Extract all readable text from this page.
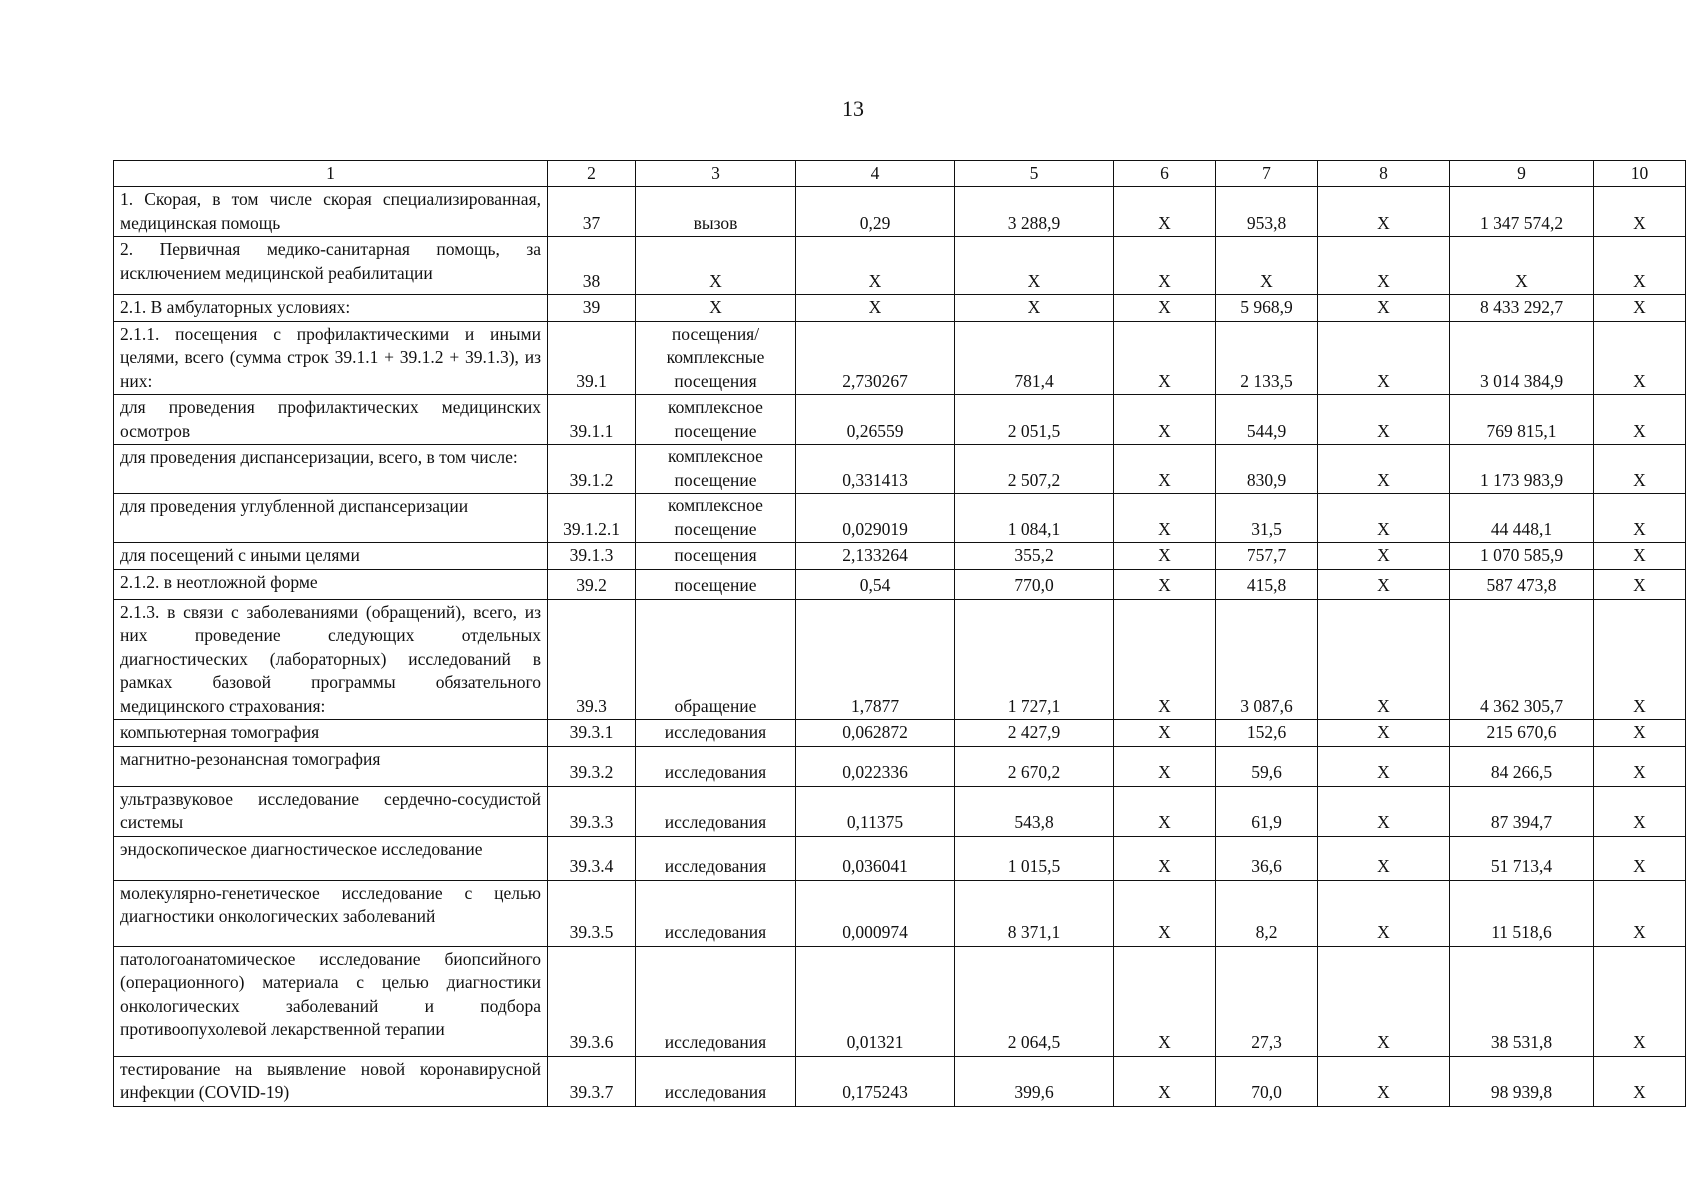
13
1	2	3	4	5	6	7	8	9	10
1. Скорая, в том числе скорая специализированная, медицинская помощь	37	вызов	0,29	3 288,9	X	953,8	X	1 347 574,2	X
2. Первичная медико-санитарная помощь, за исключением медицинской реабилитации	38	X	X	X	X	X	X	X	X
2.1. В амбулаторных условиях:	39	X	X	X	X	5 968,9	X	8 433 292,7	X
2.1.1. посещения с профилактическими и иными целями, всего (сумма строк 39.1.1 + 39.1.2 + 39.1.3), из них:	39.1	посещения/ комплексные посещения	2,730267	781,4	X	2 133,5	X	3 014 384,9	X
для проведения профилактических медицинских осмотров	39.1.1	комплексное посещение	0,26559	2 051,5	X	544,9	X	769 815,1	X
для проведения диспансеризации, всего, в том числе:	39.1.2	комплексное посещение	0,331413	2 507,2	X	830,9	X	1 173 983,9	X
для проведения углубленной диспансеризации	39.1.2.1	комплексное посещение	0,029019	1 084,1	X	31,5	X	44 448,1	X
для посещений с иными целями	39.1.3	посещения	2,133264	355,2	X	757,7	X	1 070 585,9	X
2.1.2. в неотложной форме	39.2	посещение	0,54	770,0	X	415,8	X	587 473,8	X
2.1.3. в связи с заболеваниями (обращений), всего, из них проведение следующих отдельных диагностических (лабораторных) исследований в рамках базовой программы обязательного медицинского страхования:	39.3	обращение	1,7877	1 727,1	X	3 087,6	X	4 362 305,7	X
компьютерная томография	39.3.1	исследования	0,062872	2 427,9	X	152,6	X	215 670,6	X
магнитно-резонансная томография	39.3.2	исследования	0,022336	2 670,2	X	59,6	X	84 266,5	X
ультразвуковое исследование сердечно-сосудистой системы	39.3.3	исследования	0,11375	543,8	X	61,9	X	87 394,7	X
эндоскопическое диагностическое исследование	39.3.4	исследования	0,036041	1 015,5	X	36,6	X	51 713,4	X
молекулярно-генетическое исследование с целью диагностики онкологических заболеваний	39.3.5	исследования	0,000974	8 371,1	X	8,2	X	11 518,6	X
патологоанатомическое исследование биопсийного (операционного) материала с целью диагностики онкологических заболеваний и подбора противоопухолевой лекарственной терапии	39.3.6	исследования	0,01321	2 064,5	X	27,3	X	38 531,8	X
тестирование на выявление новой коронавирусной инфекции (COVID-19)	39.3.7	исследования	0,175243	399,6	X	70,0	X	98 939,8	X
